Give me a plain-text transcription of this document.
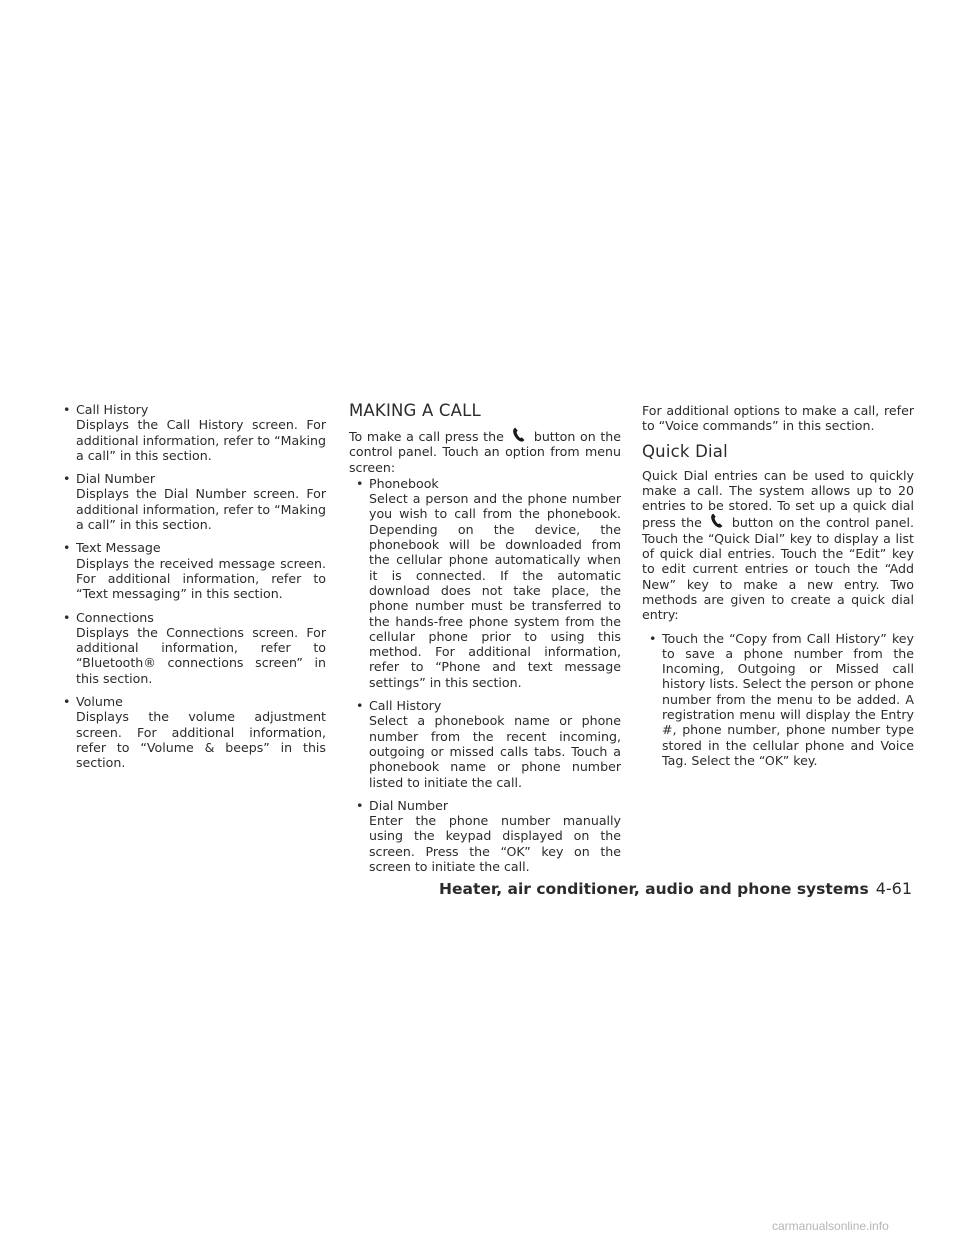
• Call History
Displays the Call History screen. For additional information, refer to “Making a call” in this section.
• Dial Number
Displays the Dial Number screen. For additional information, refer to “Making a call” in this section.
• Text Message
Displays the received message screen. For additional information, refer to “Text messaging” in this section.
• Connections
Displays the Connections screen. For additional information, refer to “Bluetooth® connections screen” in this section.
• Volume
Displays the volume adjustment screen. For additional information, refer to “Volume & beeps” in this section.
MAKING A CALL

To make a call press the button on the control panel. Touch an option from menu screen:

• Phonebook
Select a person and the phone number you wish to call from the phonebook. Depending on the device, the phonebook will be downloaded from the cellular phone automatically when it is connected. If the automatic download does not take place, the phone number must be transferred to the hands-free phone system from the cellular phone prior to using this method. For additional information, refer to “Phone and text message settings” in this section.
• Call History
Select a phonebook name or phone number from the recent incoming, outgoing or missed calls tabs. Touch a phonebook name or phone number listed to initiate the call.
• Dial Number
Enter the phone number manually using the keypad displayed on the screen. Press the “OK” key on the screen to initiate the call.

For additional options to make a call, refer to “Voice commands” in this section.

Quick Dial

Quick Dial entries can be used to quickly make a call. The system allows up to 20 entries to be stored. To set up a quick dial press the button on the control panel. Touch the “Quick Dial” key to display a list of quick dial entries. Touch the “Edit” key to edit current entries or touch the “Add New” key to make a new entry. Two methods are given to create a quick dial entry:

• Touch the “Copy from Call History” key to save a phone number from the Incoming, Outgoing or Missed call history lists. Select the person or phone number from the menu to be added. A registration menu will display the Entry #, phone number, phone number type stored in the cellular phone and Voice Tag. Select the “OK” key.
Heater, air conditioner, audio and phone systems 4-61
carmanualsonline.info
